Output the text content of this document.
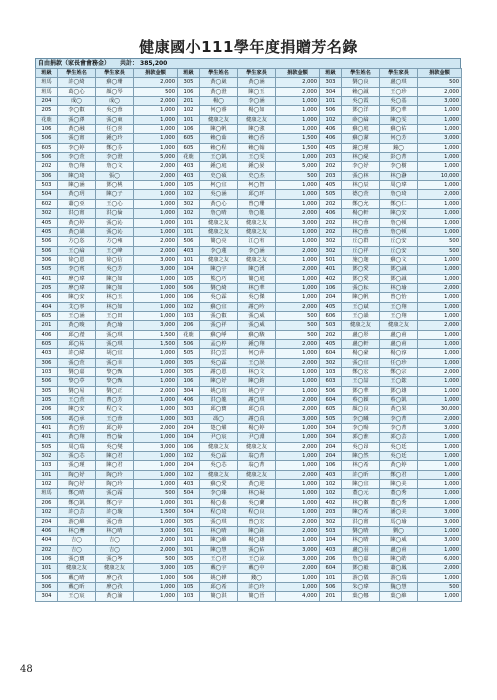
健康國小111學年度捐贈芳名錄
自由捐款（家長會會務金） 共計： 385,200
班級	學生姓名	學生家長	捐款金額	班級	學生姓名	學生家長	捐款金額	班級	學生姓名	學生家長	捐款金額
班馬	許◯綺	蘇◯珊	2,000	305	黃◯崴	黃◯涵	2,000	303	劉◯良	盧◯琪	500
班馬	葛◯心	顏◯琴	500	106	黃◯澄	陳◯玉	2,000	304	賴◯誠	王◯珍	2,000
204	成◯	成◯	2,000	201	楊◯	李◯涵	1,000	101	吳◯霞	吳◯基	3,000
205	李◯叡	吳◯蓉	1,000	102	何◯睿	楊◯如	1,000	506	鄧◯洋	鄧◯華	1,000
花鹿	張◯澤	張◯東	1,000	101	健康之友	健康之友	1,000	102	薛◯綸	陳◯雯	1,000
106	黃◯融	任◯喜	1,000	106	陳◯帆	陳◯強	1,000	406	蘇◯庭	蘇◯佑	1,000
506	張◯甯	鍾◯玲	1,000	605	賴◯茹	賴◯香	1,500	406	蘇◯潔	何◯芳	3,000
605	李◯婷	鄭◯芬	1,000	605	賴◯程	賴◯翰	1,500	405	鐘◯瑾	鐘◯	1,000
506	李◯萱	李◯澄	5,000	花鹿	王◯凱	王◯雯	1,000	203	林◯緹	彭◯菁	1,000
202	詹◯翔	詹◯文	2,000	403	鍾◯庭	鍾◯晏	5,000	202	李◯妤	李◯樹	1,000
306	陳◯琦	張◯	2,000	403	史◯碩	史◯杰	500	203	張◯林	林◯瀞	10,000
503	陳◯涵	鄧◯桃	1,000	105	柯◯宜	柯◯智	1,000	405	林◯辰	周◯瑋	1,000
504	黃◯玥	陳◯子	1,000	102	吳◯涵	邱◯玶	1,000	505	德◯萱	詹◯琦	2,000
602	蕭◯亞	王◯心	1,000	302	黃◯心	曾◯珊	1,000	202	鄭◯允	鄭◯仁	1,000
302	洪◯甯	洪◯倫	1,000	102	詹◯晴	詹◯龍	2,000	406	楊◯軒	陳◯安	1,000
405	黃◯婷	張◯沁	1,000	101	健康之友	健康之友	3,000	202	林◯蓉	詹◯頓	1,000
405	黃◯韻	張◯沁	1,000	101	健康之友	健康之友	1,000	202	林◯蓉	詹◯頓	1,000
506	方◯恣	方◯雍	2,000	506	簡◯亮	江◯宥	1,000	302	丘◯群	丘◯安	500
506	王◯綸	王◯峰	2,000	403	李◯蓮	李◯涵	2,000	302	丘◯祥	丘◯安	500
306	徐◯恩	徐◯信	3,000	101	健康之友	健康之友	1,000	501	施◯迦	蘇◯文	1,000
505	李◯賓	吳◯芳	3,000	104	陳◯宇	陳◯湧	2,000	401	鄧◯愛	鄧◯誠	1,000
401	廖◯瑋	陳◯如	1,000	105	熊◯巧	簡◯庭	1,000	402	鄧◯愛	鄧◯誠	1,000
205	廖◯瑋	陳◯如	1,000	506	劉◯綺	林◯華	1,000	106	張◯耘	林◯瑜	2,000
406	陳◯安	林◯玉	1,000	106	吳◯霖	吳◯傑	1,000	204	陳◯帆	曾◯怡	1,000
404	艾◯寧	林◯如	1,000	102	蘇◯宜	謝◯吟	2,000	405	王◯斌	王◯翔	1,000
605	王◯涵	王◯田	1,000	103	張◯叡	張◯威	500	606	王◯韻	王◯翔	1,000
201	黃◯晙	黃◯瑜	3,000	206	張◯祥	張◯威	500	503	健康之友	健康之友	2,000
406	邱◯瀅	張◯琪	1,500	花鹿	蘇◯崢	蘇◯駿	500	202	盧◯彤	盧◯甫	1,000
605	邱◯祐	張◯琪	1,500	506	孟◯楟	鍾◯翔	2,000	405	盧◯軒	盧◯甫	1,000
403	許◯緯	胡◯宜	1,000	505	洪◯雲	何◯萍	1,000	604	楊◯豪	楊◯淳	1,000
306	張◯萱	張◯幸	1,000	305	吳◯霖	王◯誤	2,000	302	張◯宜	任◯珍	1,000
103	劉◯嘉	黎◯甄	1,000	305	謝◯恩	林◯文	1,000	103	鄭◯宏	鄭◯宗	2,000
506	黎◯葶	黎◯甄	1,000	106	陳◯妤	陳◯鈞	1,000	603	王◯喆	王◯鋐	1,000
305	劉◯易	劉◯正	2,000	304	姚◯瑄	姚◯宇	1,000	506	鄧◯華	鄧◯雄	1,000
105	王◯萱	曹◯芳	1,000	406	洪◯龍	謝◯琪	2,000	604	蔡◯穎	蔡◯凱	1,000
206	陳◯安	程◯文	1,000	303	邱◯寶	邱◯真	2,000	605	顏◯良	黃◯果	30,000
506	馮◯承	王◯蓉	1,000	303	馮◯	謝◯真	3,000	505	李◯曦	李◯菁	2,000
401	黃◯豹	邱◯婷	2,000	204	楚◯燿	楊◯婷	1,000	304	李◯暘	李◯菁	3,000
401	黃◯翔	曾◯倫	1,000	104	尹◯宸	尹◯淵	1,000	304	郭◯淮	郭◯芸	1,000
505	周◯瑞	吳◯燮	3,000	106	健康之友	健康之友	2,000	204	吳◯昂	吳◯廷	1,000
302	張◯芯	陳◯君	1,000	102	吳◯霖	翁◯菁	1,000	204	陳◯然	吳◯廷	1,000
103	張◯瑾	陳◯君	1,000	204	吳◯芯	翁◯菁	1,000	106	林◯希	黃◯婷	1,000
101	陶◯妤	陶◯玲	1,000	102	健康之友	健康之友	2,000	403	許◯昕	鄭◯君	1,000
102	陶◯妤	陶◯玲	1,000	403	蘇◯愛	黃◯迎	1,000	102	陳◯宜	陳◯美	1,000
班馬	鄭◯晴	張◯霜	500	504	李◯臻	林◯凝	1,000	102	董◯元	董◯秀	1,000
206	鄭◯凱	鄭◯宇	1,000	301	楊◯蓁	吳◯蘭	1,000	402	林◯徽	董◯秀	1,000
102	許◯芸	許◯璇	1,500	504	程◯琦	程◯良	1,000	203	陳◯希	潘◯美	3,000
204	游◯維	張◯蓉	1,000	305	張◯琪	曾◯宏	2,000	302	洪◯甯	馬◯瑜	3,000
406	林◯騫	林◯晴	3,000	501	林◯晴	陳◯鈺	2,000	503	劉◯晴	劉◯	1,000
404	吉◯	吉◯	2,000	101	陳◯維	楊◯雄	1,000	104	林◯晴	陳◯威	3,000
202	吉◯	吉◯	2,000	301	陳◯慧	張◯佑	3,000	403	盧◯羽	盧◯甫	1,000
106	張◯寶	張◯岑	500	305	王◯君	王◯涼	3,000	206	詹◯嘉	陳◯皓	6,000
101	健康之友	健康之友	3,000	105	戴◯宇	戴◯中	2,000	604	鄧◯毅	蕭◯鳳	2,000
506	戴◯晴	廖◯孜	1,000	506	姚◯嬅	錢◯	1,000	101	游◯儀	游◯瑞	1,000
306	戴◯昕	廖◯孜	1,000	105	邱◯希	許◯玲	1,000	506	朱◯瑋	魏◯慧	500
304	王◯宸	黃◯渝	1,000	103	簡◯淇	簡◯晉	4,000	201	葉◯娜	葉◯維	1,000
48
